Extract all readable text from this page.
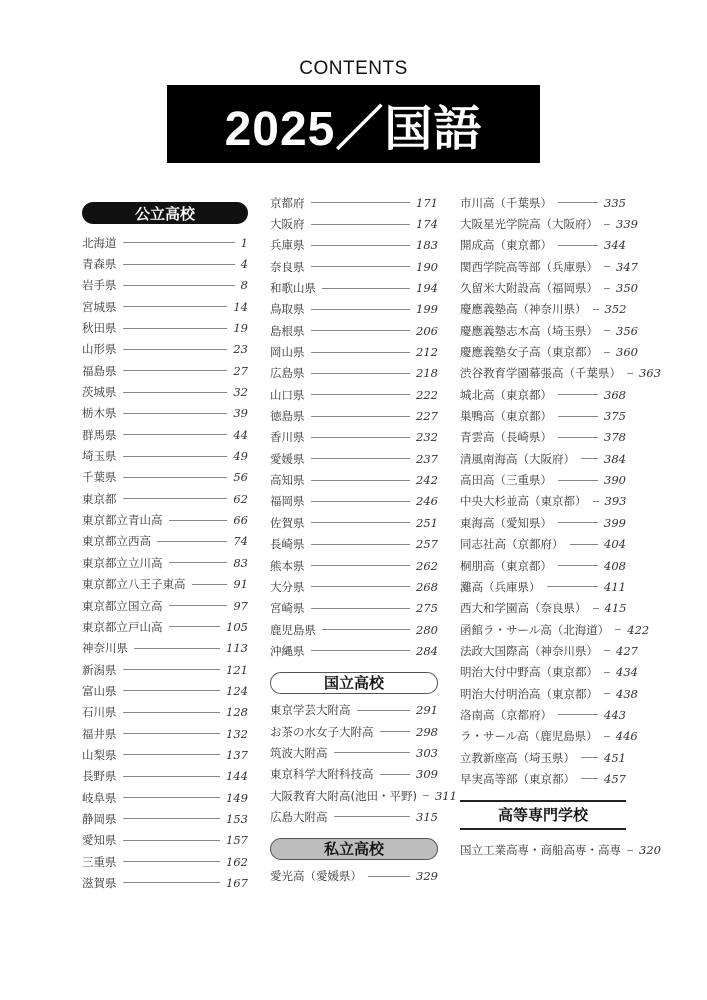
CONTENTS
2025／国語
公立高校
北海道	1
青森県	4
岩手県	8
宮城県	14
秋田県	19
山形県	23
福島県	27
茨城県	32
栃木県	39
群馬県	44
埼玉県	49
千葉県	56
東京都	62
東京都立青山高	66
東京都立西高	74
東京都立立川高	83
東京都立八王子東高	91
東京都立国立高	97
東京都立戸山高	105
神奈川県	113
新潟県	121
富山県	124
石川県	128
福井県	132
山梨県	137
長野県	144
岐阜県	149
静岡県	153
愛知県	157
三重県	162
滋賀県	167
京都府	171
大阪府	174
兵庫県	183
奈良県	190
和歌山県	194
鳥取県	199
島根県	206
岡山県	212
広島県	218
山口県	222
徳島県	227
香川県	232
愛媛県	237
高知県	242
福岡県	246
佐賀県	251
長崎県	257
熊本県	262
大分県	268
宮崎県	275
鹿児島県	280
沖縄県	284
国立高校
東京学芸大附高	291
お茶の水女子大附高	298
筑波大附高	303
東京科学大附科技高	309
大阪教育大附高(池田・平野) 311
広島大附高	315
私立高校
愛光高（愛媛県）	329
市川高（千葉県）	335
大阪星光学院高（大阪府） 339
開成高（東京都）	344
関西学院高等部（兵庫県） 347
久留米大附設高（福岡県） 350
慶應義塾高（神奈川県） 352
慶應義塾志木高（埼玉県） 356
慶應義塾女子高（東京都） 360
渋谷教育学園幕張高（千葉県） 363
城北高（東京都）	368
巣鴨高（東京都）	375
青雲高（長崎県）	378
清風南海高（大阪府）	384
高田高（三重県）	390
中央大杉並高（東京都） 393
東海高（愛知県）	399
同志社高（京都府）	404
桐朋高（東京都）	408
灘高（兵庫県）	411
西大和学園高（奈良県） 415
函館ラ・サール高（北海道） 422
法政大国際高（神奈川県） 427
明治大付中野高（東京都） 434
明治大付明治高（東京都） 438
洛南高（京都府）	443
ラ・サール高（鹿児島県） 446
立教新座高（埼玉県）	451
早実高等部（東京都）	457
高等専門学校
国立工業高専・商船高専・高専 320
